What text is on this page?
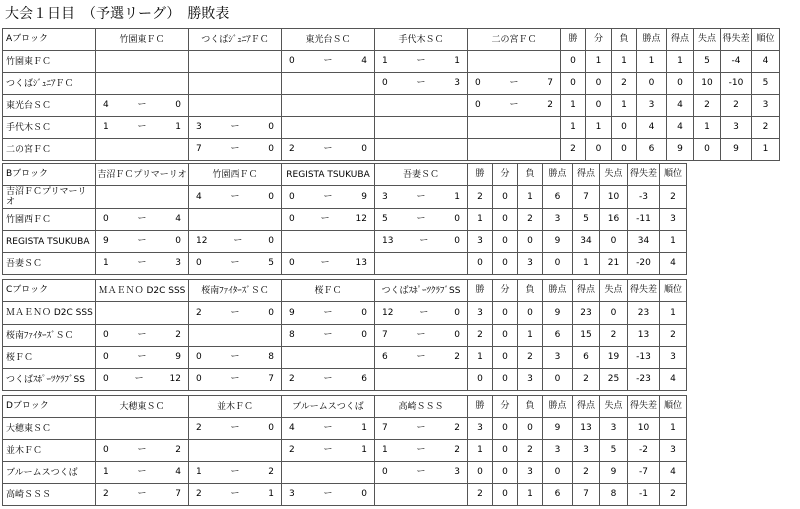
大会１日目　（予選リーグ）　勝敗表
Aブロック	竹園東ＦＣ	つくばｼﾞｭﾆｱＦＣ	東光台ＳＣ	手代木ＳＣ	二の宮ＦＣ	勝	分	負	勝点	得点	失点	得失差	順位
竹園東ＦＣ			0 ー 4	1 ー 1		0	1	1	1	1	5	-4	4
つくばｼﾞｭﾆｱＦＣ				0 ー 3	0 ー 7	0	0	2	0	0	10	-10	5
東光台ＳＣ	4 ー 0				0 ー 2	1	0	1	3	4	2	2	3
手代木ＳＣ	1 ー 1	3 ー 0				1	1	0	4	4	1	3	2
二の宮ＦＣ		7 ー 0	2 ー 0			2	0	0	6	9	0	9	1
Bブロック	吉沼ＦＣプリマーリオ	竹園西ＦＣ	REGISTA TSUKUBA	吾妻ＳＣ	勝	分	負	勝点	得点	失点	得失差	順位
吉沼ＦＣプリマーリオ		4 ー 0	0 ー 9	3 ー 1	2	0	1	6	7	10	-3	2
竹園西ＦＣ	0 ー 4		0 ー 12	5 ー 0	1	0	2	3	5	16	-11	3
REGISTA TSUKUBA	9 ー 0	12 ー 0		13 ー 0	3	0	0	9	34	0	34	1
吾妻ＳＣ	1 ー 3	0 ー 5	0 ー 13		0	0	3	0	1	21	-20	4
Cブロック	ＭＡＥＮＯ D2C SSS	桜南ﾌｧｲﾀｰｽﾞＳＣ	桜ＦＣ	つくばｽﾎﾟｰﾂｸﾗﾌﾞSS	勝	分	負	勝点	得点	失点	得失差	順位
ＭＡＥＮＯ D2C SSS		2 ー 0	9 ー 0	12 ー 0	3	0	0	9	23	0	23	1
桜南ﾌｧｲﾀｰｽﾞＳＣ	0 ー 2		8 ー 0	7 ー 0	2	0	1	6	15	2	13	2
桜ＦＣ	0 ー 9	0 ー 8		6 ー 2	1	0	2	3	6	19	-13	3
つくばｽﾎﾟｰﾂｸﾗﾌﾞSS	0 ー 12	0 ー 7	2 ー 6		0	0	3	0	2	25	-23	4
Dブロック	大穂東ＳＣ	並木ＦＣ	ブルームスつくば	高崎ＳＳＳ	勝	分	負	勝点	得点	失点	得失差	順位
大穂東ＳＣ		2 ー 0	4 ー 1	7 ー 2	3	0	0	9	13	3	10	1
並木ＦＣ	0 ー 2		2 ー 1	1 ー 2	1	0	2	3	3	5	-2	3
ブルームスつくば	1 ー 4	1 ー 2		0 ー 3	0	0	3	0	2	9	-7	4
高崎ＳＳＳ	2 ー 7	2 ー 1	3 ー 0		2	0	1	6	7	8	-1	2
